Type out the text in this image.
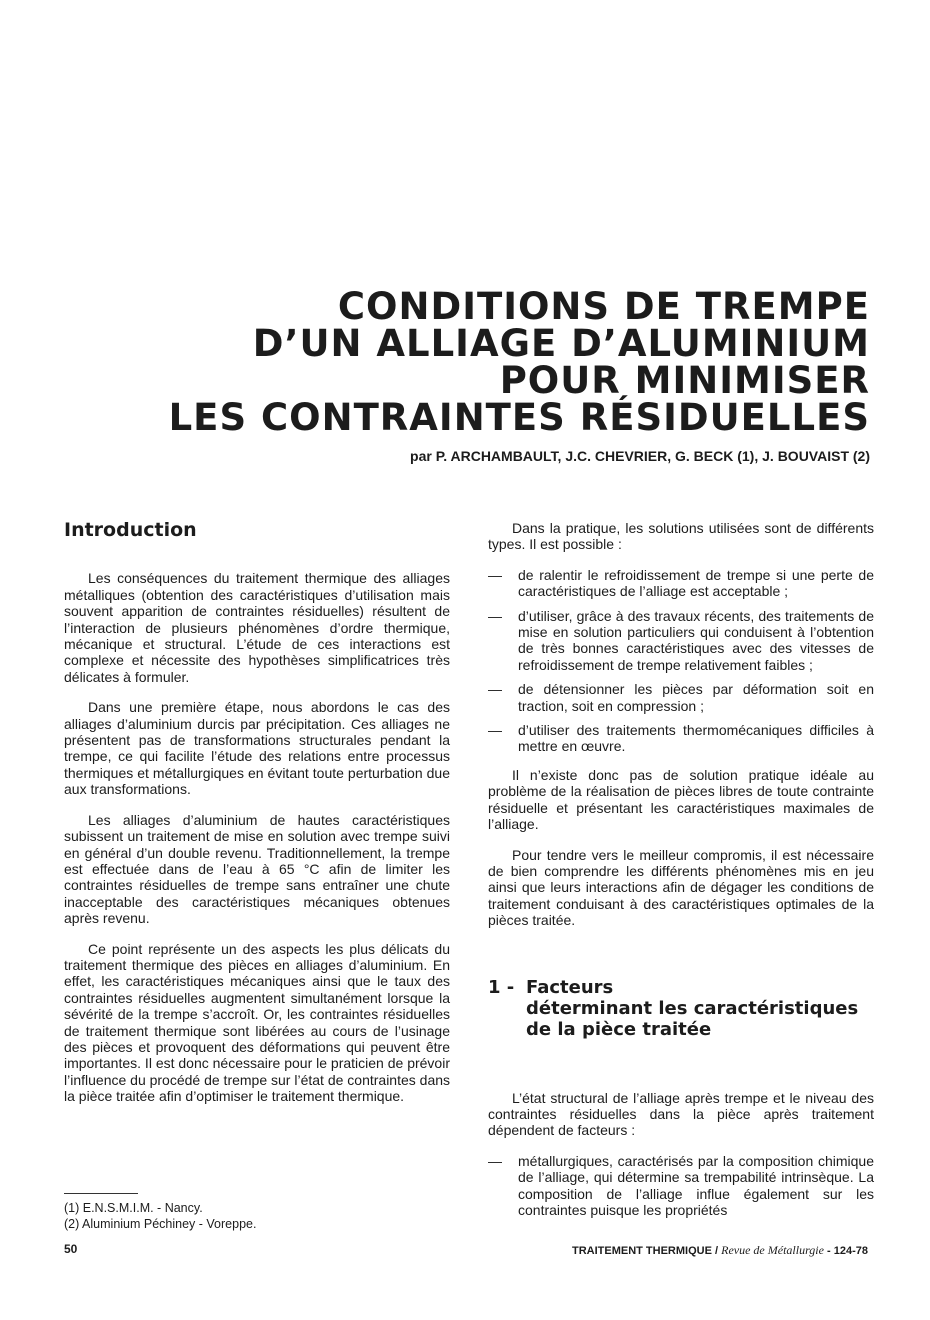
CONDITIONS DE TREMPE
D’UN ALLIAGE D’ALUMINIUM
POUR MINIMISER
LES CONTRAINTES RÉSIDUELLES

par P. ARCHAMBAULT, J.C. CHEVRIER, G. BECK (1), J. BOUVAIST (2)

Introduction

Les conséquences du traitement thermique des alliages métalliques (obtention des caractéristiques d’utilisation mais souvent apparition de contraintes résiduelles) résultent de l’interaction de plusieurs phénomènes d’ordre thermique, mécanique et structural. L’étude de ces interactions est complexe et nécessite des hypothèses simplificatrices très délicates à formuler.

Dans une première étape, nous abordons le cas des alliages d’aluminium durcis par précipitation. Ces alliages ne présentent pas de transformations structurales pendant la trempe, ce qui facilite l’étude des relations entre processus thermiques et métallurgiques en évitant toute perturbation due aux transformations.

Les alliages d’aluminium de hautes caractéristiques subissent un traitement de mise en solution avec trempe suivi en général d’un double revenu. Traditionnellement, la trempe est effectuée dans de l’eau à 65 °C afin de limiter les contraintes résiduelles de trempe sans entraîner une chute inacceptable des caractéristiques mécaniques obtenues après revenu.

Ce point représente un des aspects les plus délicats du traitement thermique des pièces en alliages d’aluminium. En effet, les caractéristiques mécaniques ainsi que le taux des contraintes résiduelles augmentent simultanément lorsque la sévérité de la trempe s’accroît. Or, les contraintes résiduelles de traitement thermique sont libérées au cours de l’usinage des pièces et provoquent des déformations qui peuvent être importantes. Il est donc nécessaire pour le praticien de prévoir l’influence du procédé de trempe sur l’état de contraintes dans la pièce traitée afin d’optimiser le traitement thermique.

Dans la pratique, les solutions utilisées sont de différents types. Il est possible :

— de ralentir le refroidissement de trempe si une perte de caractéristiques de l’alliage est acceptable ;
— d’utiliser, grâce à des travaux récents, des traitements de mise en solution particuliers qui conduisent à l’obtention de très bonnes caractéristiques avec des vitesses de refroidissement de trempe relativement faibles ;
— de détensionner les pièces par déformation soit en traction, soit en compression ;
— d’utiliser des traitements thermomécaniques difficiles à mettre en œuvre.

Il n’existe donc pas de solution pratique idéale au problème de la réalisation de pièces libres de toute contrainte résiduelle et présentant les caractéristiques maximales de l’alliage.

Pour tendre vers le meilleur compromis, il est nécessaire de bien comprendre les différents phénomènes mis en jeu ainsi que leurs interactions afin de dégager les conditions de traitement conduisant à des caractéristiques optimales de la pièces traitée.

1 - Facteurs
déterminant les caractéristiques
de la pièce traitée

L’état structural de l’alliage après trempe et le niveau des contraintes résiduelles dans la pièce après traitement dépendent de facteurs :

— métallurgiques, caractérisés par la composition chimique de l’alliage, qui détermine sa trempabilité intrinsèque. La composition de l’alliage influe également sur les contraintes puisque les propriétés
(1) E.N.S.M.I.M. - Nancy.
(2) Aluminium Péchiney - Voreppe.
50	TRAITEMENT THERMIQUE / Revue de Métallurgie - 124-78
